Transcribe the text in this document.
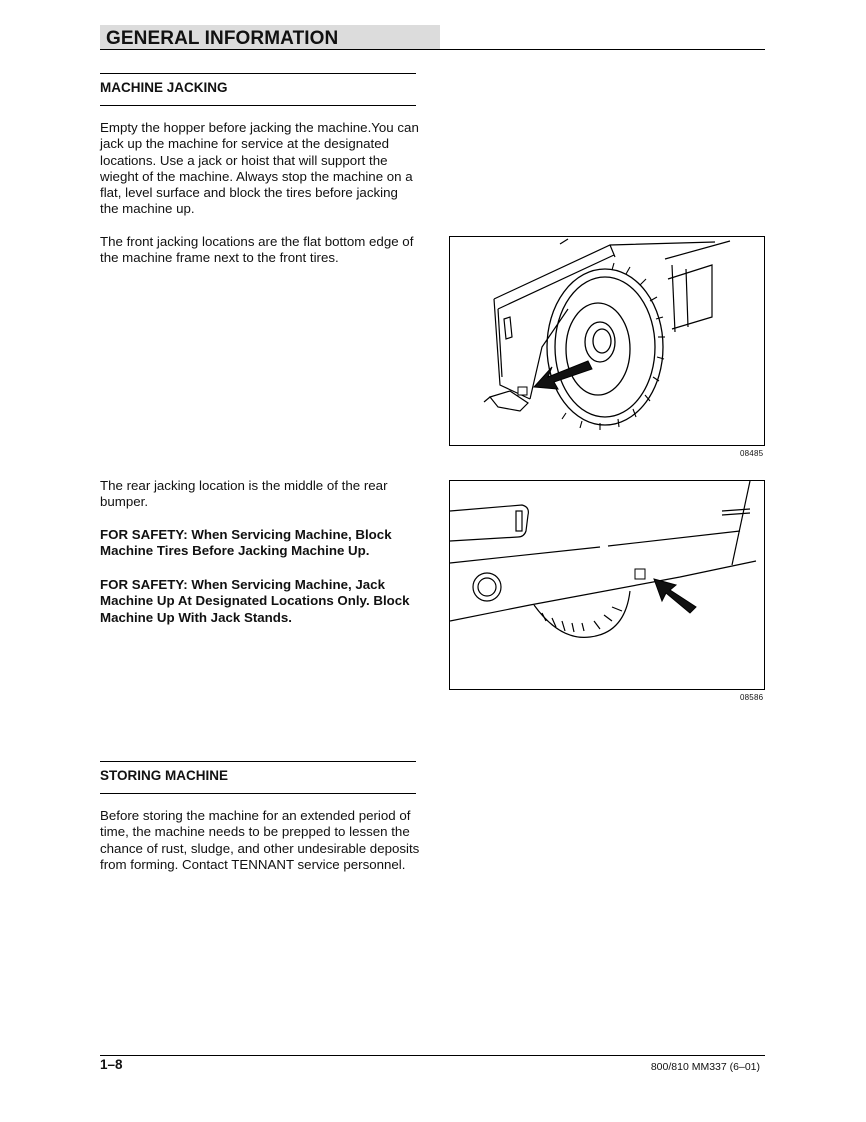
GENERAL INFORMATION
MACHINE JACKING

Empty the hopper before jacking the machine.You can jack up the machine for service at the designated locations. Use a jack or hoist that will support the wieght of the machine. Always stop the machine on a flat, level surface and block the tires before jacking the machine up.

The front jacking locations are the flat bottom edge of the machine frame next to the front tires.

08485

The rear jacking location is the middle of the rear bumper.

FOR SAFETY: When Servicing Machine, Block Machine Tires Before Jacking Machine Up.

FOR SAFETY: When Servicing Machine, Jack Machine Up At Designated Locations Only. Block Machine Up With Jack Stands.

08586
STORING MACHINE

Before storing the machine for an extended period of time, the machine needs to be prepped to lessen the chance of rust, sludge, and other undesirable deposits from forming. Contact TENNANT service personnel.

1–8	800/810 MM337 (6–01)
